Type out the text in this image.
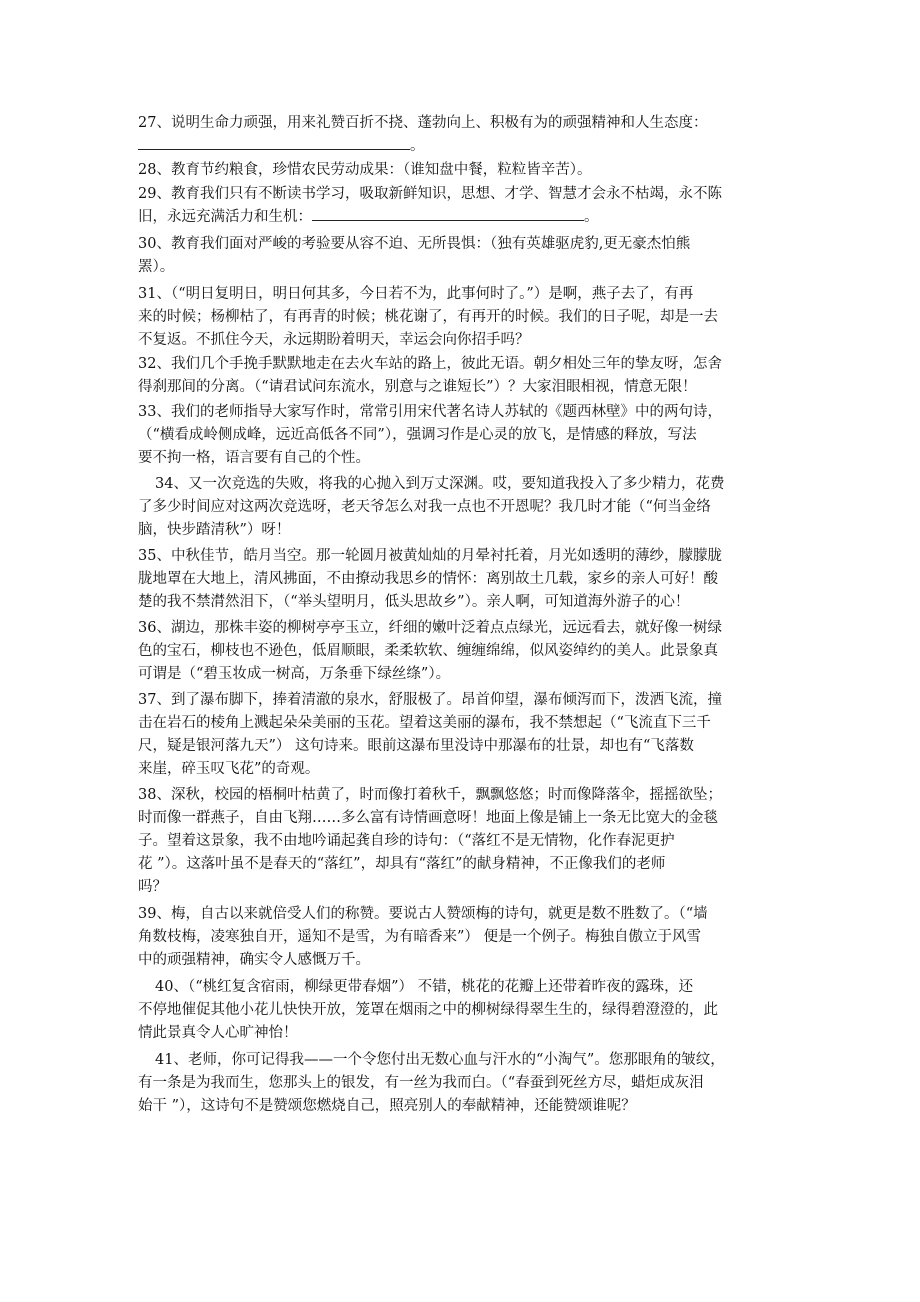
27、说明生命力顽强，用来礼赞百折不挠、蓬勃向上、积极有为的顽强精神和人生态度：
。
28、教育节约粮食，珍惜农民劳动成果：（谁知盘中餐，粒粒皆辛苦）。
29、教育我们只有不断读书学习，吸取新鲜知识，思想、才学、智慧才会永不枯竭，永不陈
旧，永远充满活力和生机：	。
30、教育我们面对严峻的考验要从容不迫、无所畏惧：（独有英雄驱虎豹,更无豪杰怕熊
罴）。
31、（“明日复明日，明日何其多，今日若不为，此事何时了。”）是啊，燕子去了，有再
来的时候；杨柳枯了，有再青的时候；桃花谢了，有再开的时候。我们的日子呢，却是一去
不复返。不抓住今天，永远期盼着明天，幸运会向你招手吗？
32、我们几个手挽手默默地走在去火车站的路上，彼此无语。朝夕相处三年的挚友呀，怎舍
得刹那间的分离。（“请君试问东流水，别意与之谁短长”）？大家泪眼相视，情意无限！
33、我们的老师指导大家写作时，常常引用宋代著名诗人苏轼的《题西林壁》中的两句诗，
（“横看成岭侧成峰，远近高低各不同”），强调习作是心灵的放飞，是情感的释放，写法
要不拘一格，语言要有自己的个性。
34、又一次竞选的失败，将我的心抛入到万丈深渊。哎，要知道我投入了多少精力，花费
了多少时间应对这两次竞选呀，老天爷怎么对我一点也不开恩呢？我几时才能（“何当金络
脑，快步踏清秋”）呀！
35、中秋佳节，皓月当空。那一轮圆月被黄灿灿的月晕衬托着，月光如透明的薄纱，朦朦胧
胧地罩在大地上，清风拂面，不由撩动我思乡的情怀：离别故土几载，家乡的亲人可好！酸
楚的我不禁潸然泪下，（“举头望明月，低头思故乡”）。亲人啊，可知道海外游子的心！
36、湖边，那株丰姿的柳树亭亭玉立，纤细的嫩叶泛着点点绿光，远远看去，就好像一树绿
色的宝石，柳枝也不逊色，低眉顺眼，柔柔软软、缠缠绵绵，似风姿绰约的美人。此景象真
可谓是（“碧玉妆成一树高，万条垂下绿丝绦”）。
37、到了瀑布脚下，捧着清澈的泉水，舒服极了。昂首仰望，瀑布倾泻而下，泼洒飞流，撞
击在岩石的棱角上溅起朵朵美丽的玉花。望着这美丽的瀑布，我不禁想起（“飞流直下三千
尺，疑是银河落九天”） 这句诗来。眼前这瀑布里没诗中那瀑布的壮景，却也有“飞落数
来崖，碎玉叹飞花”的奇观。
38、深秋，校园的梧桐叶枯黄了，时而像打着秋千，飘飘悠悠；时而像降落伞，摇摇欲坠；
时而像一群燕子，自由飞翔……多么富有诗情画意呀！地面上像是铺上一条无比宽大的金毯
子。望着这景象，我不由地吟诵起龚自珍的诗句：（“落红不是无情物，化作春泥更护
花 ”）。这落叶虽不是春天的“落红”，却具有“落红”的献身精神，不正像我们的老师
吗？
39、梅，自古以来就倍受人们的称赞。要说古人赞颂梅的诗句，就更是数不胜数了。（“墙
角数枝梅，凌寒独自开，遥知不是雪，为有暗香来”） 便是一个例子。梅独自傲立于风雪
中的顽强精神，确实令人感慨万千。
40、（“桃红复含宿雨，柳绿更带春烟”） 不错，桃花的花瓣上还带着昨夜的露珠，还
不停地催促其他小花儿快快开放，笼罩在烟雨之中的柳树绿得翠生生的，绿得碧澄澄的，此
情此景真令人心旷神怡！
41、老师，你可记得我——一个令您付出无数心血与汗水的“小淘气”。您那眼角的皱纹，
有一条是为我而生，您那头上的银发，有一丝为我而白。（“春蚕到死丝方尽，蜡炬成灰泪
始干 ”），这诗句不是赞颂您燃烧自己，照亮别人的奉献精神，还能赞颂谁呢？
